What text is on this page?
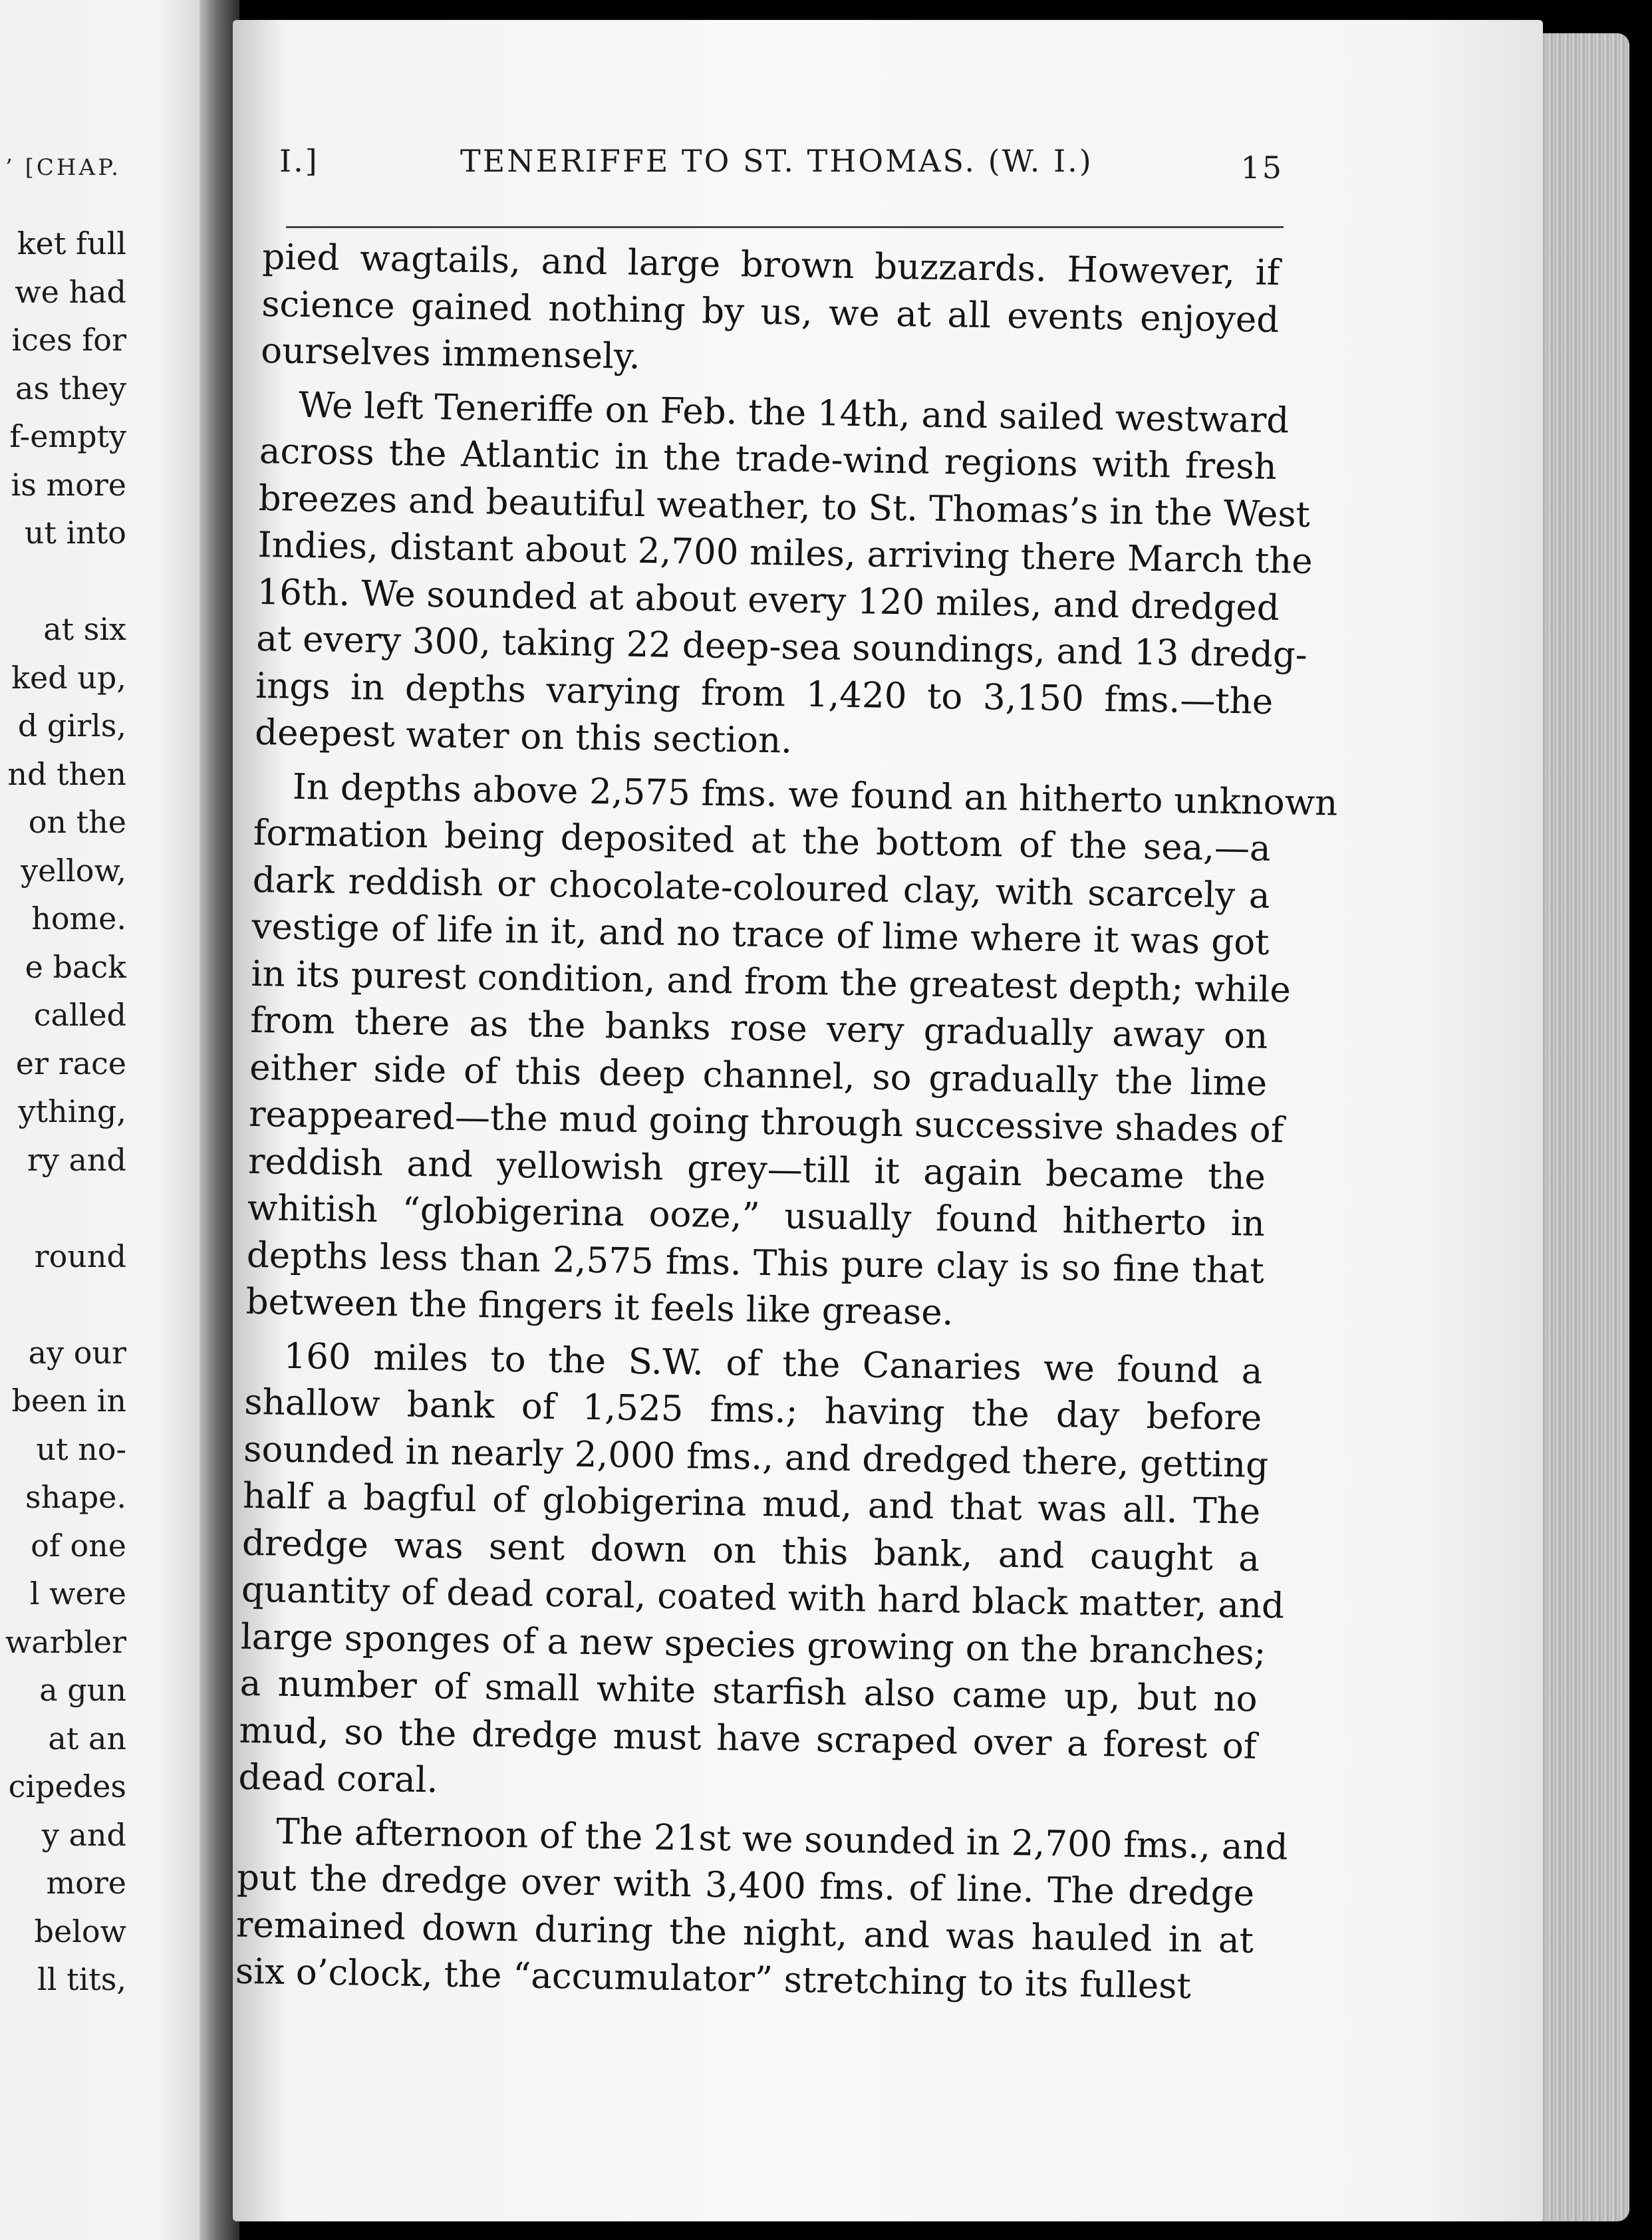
’ [CHAP.
ket full
we had
ices for
as they
f-empty
is more
ut into
at six
ked up,
d girls,
nd then
on the
yellow,
home.
e back
called
er race
ything,
ry and
round
ay our
been in
ut no-
shape.
of one
l were
warbler
a gun
at an
cipedes
y and
more
below
ll tits,
I.]	TENERIFFE TO ST. THOMAS. (W. I.)	15
pied wagtails, and large brown buzzards. However, if
science gained nothing by us, we at all events enjoyed
ourselves immensely.
We left Teneriffe on Feb. the 14th, and sailed westward
across the Atlantic in the trade-wind regions with fresh
breezes and beautiful weather, to St. Thomas’s in the West
Indies, distant about 2,700 miles, arriving there March the
16th. We sounded at about every 120 miles, and dredged
at every 300, taking 22 deep-sea soundings, and 13 dredg-
ings in depths varying from 1,420 to 3,150 fms.—the
deepest water on this section.
In depths above 2,575 fms. we found an hitherto unknown
formation being deposited at the bottom of the sea,—a
dark reddish or chocolate-coloured clay, with scarcely a
vestige of life in it, and no trace of lime where it was got
in its purest condition, and from the greatest depth; while
from there as the banks rose very gradually away on
either side of this deep channel, so gradually the lime
reappeared—the mud going through successive shades of
reddish and yellowish grey—till it again became the
whitish “globigerina ooze,” usually found hitherto in
depths less than 2,575 fms. This pure clay is so fine that
between the fingers it feels like grease.
160 miles to the S.W. of the Canaries we found a
shallow bank of 1,525 fms.; having the day before
sounded in nearly 2,000 fms., and dredged there, getting
half a bagful of globigerina mud, and that was all. The
dredge was sent down on this bank, and caught a
quantity of dead coral, coated with hard black matter, and
large sponges of a new species growing on the branches;
a number of small white starfish also came up, but no
mud, so the dredge must have scraped over a forest of
dead coral.
The afternoon of the 21st we sounded in 2,700 fms., and
put the dredge over with 3,400 fms. of line. The dredge
remained down during the night, and was hauled in at
six o’clock, the “accumulator” stretching to its fullest
